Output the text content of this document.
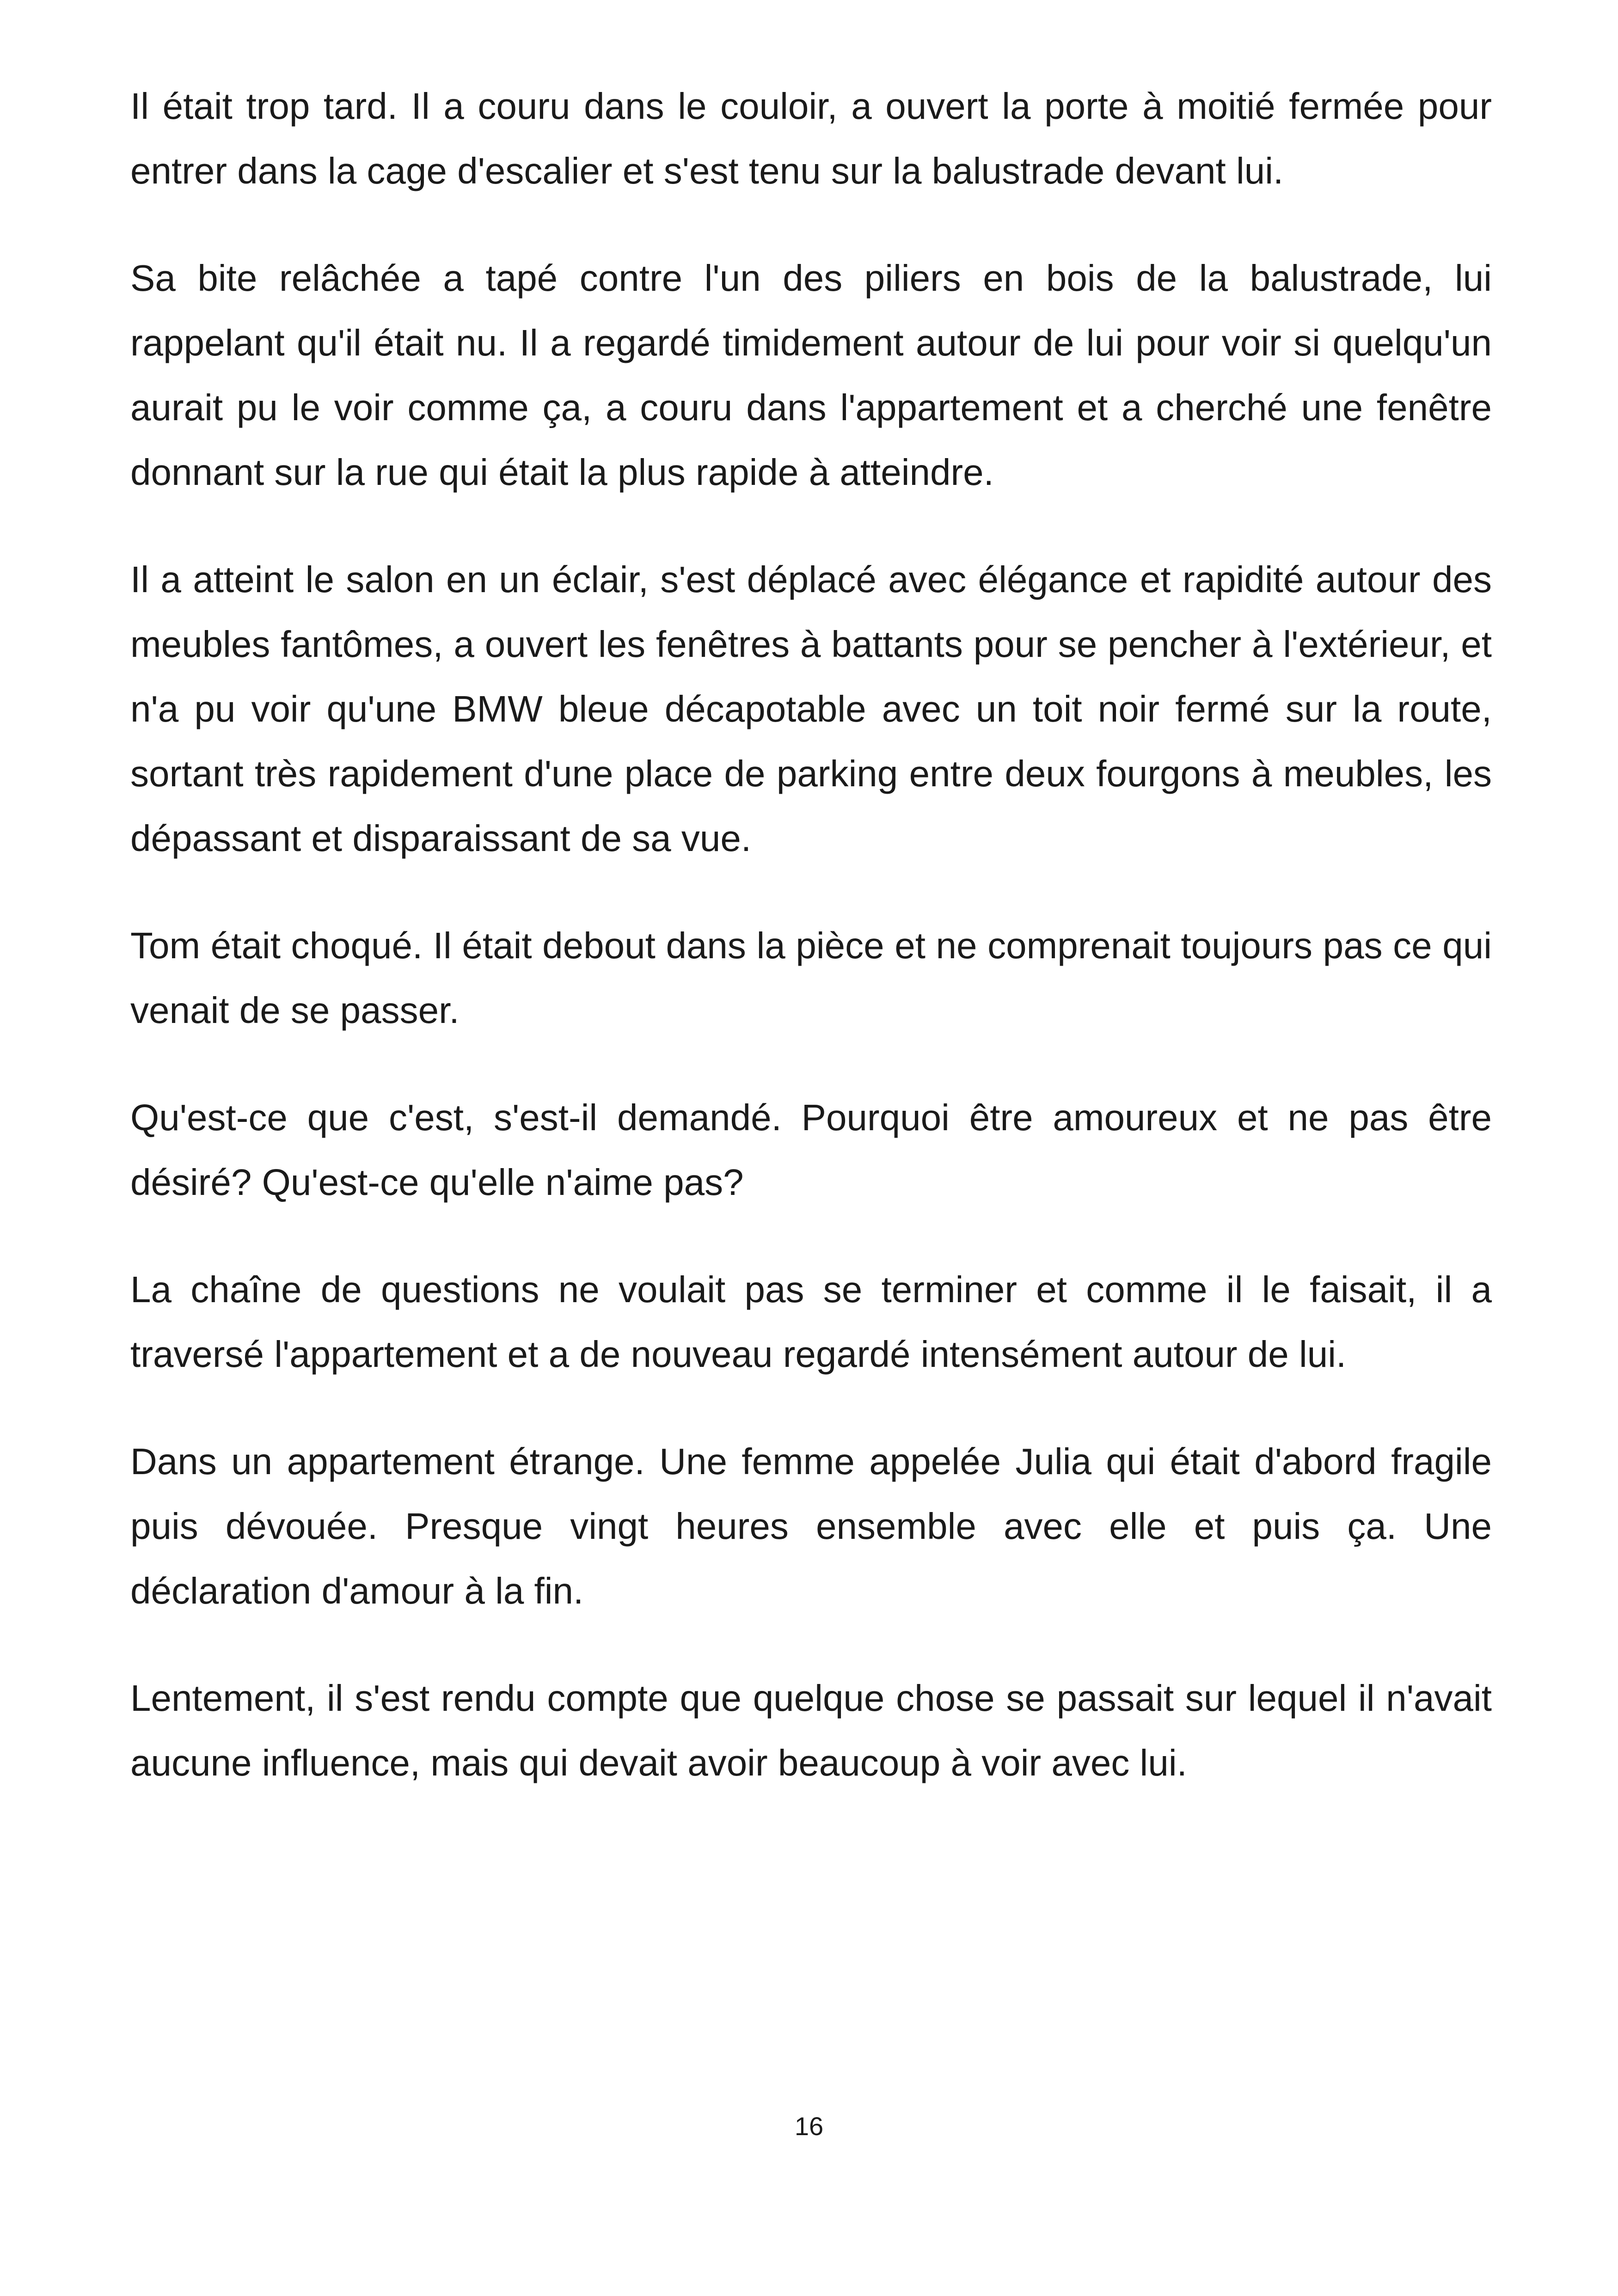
Il était trop tard. Il a couru dans le couloir, a ouvert la porte à moitié fermée pour entrer dans la cage d'escalier et s'est tenu sur la balustrade devant lui.

Sa bite relâchée a tapé contre l'un des piliers en bois de la balustrade, lui rappelant qu'il était nu. Il a regardé timidement autour de lui pour voir si quelqu'un aurait pu le voir comme ça, a couru dans l'appartement et a cherché une fenêtre donnant sur la rue qui était la plus rapide à atteindre.

Il a atteint le salon en un éclair, s'est déplacé avec élégance et rapidité autour des meubles fantômes, a ouvert les fenêtres à battants pour se pencher à l'extérieur, et n'a pu voir qu'une BMW bleue décapotable avec un toit noir fermé sur la route, sortant très rapidement d'une place de parking entre deux fourgons à meubles, les dépassant et disparaissant de sa vue.

Tom était choqué. Il était debout dans la pièce et ne comprenait toujours pas ce qui venait de se passer.

Qu'est-ce que c'est, s'est-il demandé. Pourquoi être amoureux et ne pas être désiré? Qu'est-ce qu'elle n'aime pas?

La chaîne de questions ne voulait pas se terminer et comme il le faisait, il a traversé l'appartement et a de nouveau regardé intensément autour de lui.

Dans un appartement étrange. Une femme appelée Julia qui était d'abord fragile puis dévouée. Presque vingt heures ensemble avec elle et puis ça. Une déclaration d'amour à la fin.

Lentement, il s'est rendu compte que quelque chose se passait sur lequel il n'avait aucune influence, mais qui devait avoir beaucoup à voir avec lui.

16
